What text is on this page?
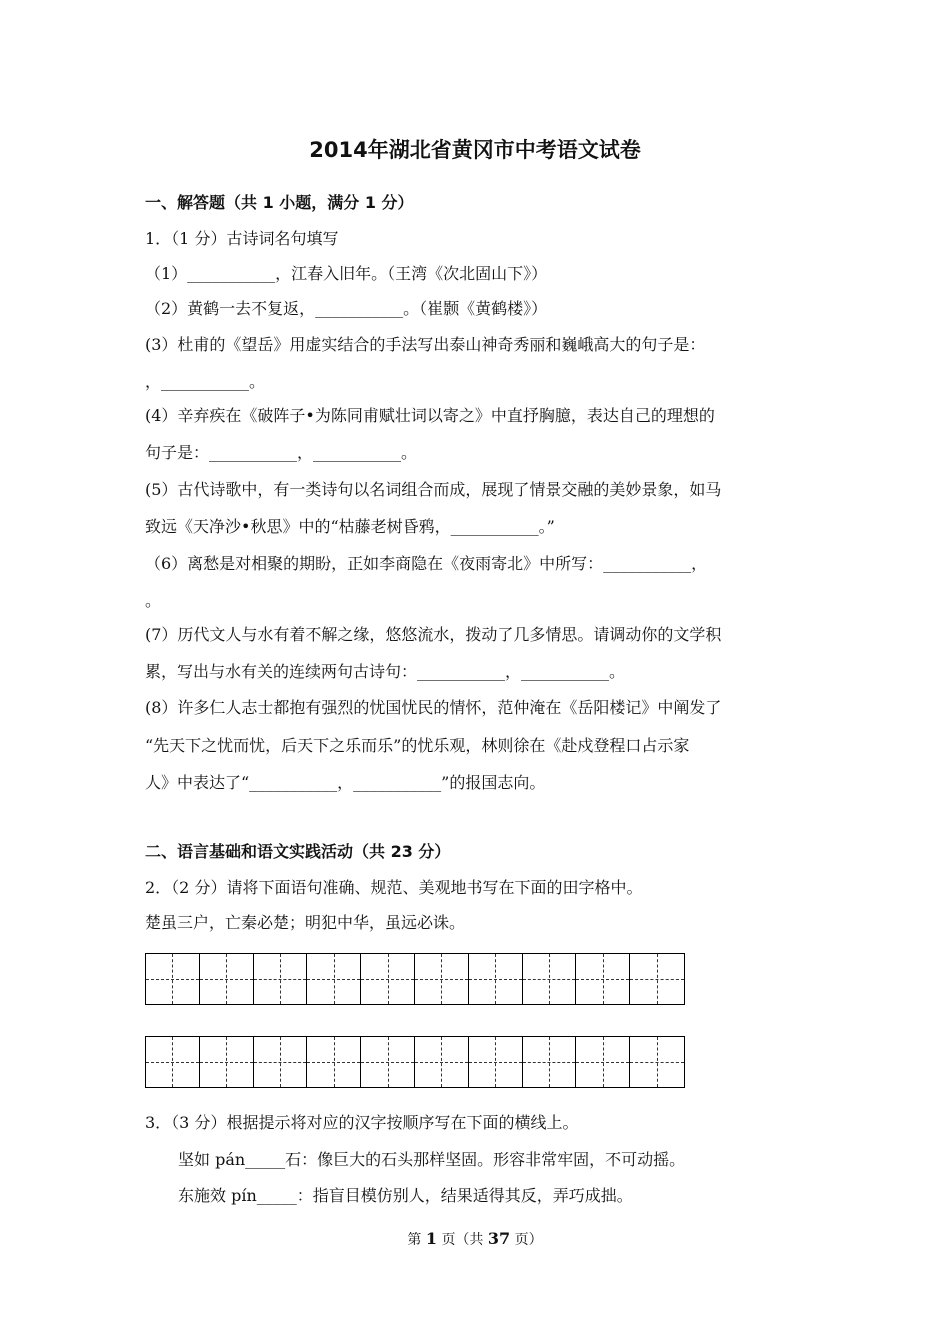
2014年湖北省黄冈市中考语文试卷
一、解答题（共 1 小题，满分 1 分）
1．（1 分）古诗词名句填写
（1）___________，江春入旧年。（王湾《次北固山下》）
（2）黄鹤一去不复返，___________。（崔颢《黄鹤楼》）
(3）杜甫的《望岳》用虚实结合的手法写出泰山神奇秀丽和巍峨高大的句子是：
，___________。
(4）辛弃疾在《破阵子•为陈同甫赋壮词以寄之》中直抒胸臆，表达自己的理想的
句子是：___________，___________。
(5）古代诗歌中，有一类诗句以名词组合而成，展现了情景交融的美妙景象，如马
致远《天净沙•秋思》中的“枯藤老树昏鸦，___________。”
（6）离愁是对相聚的期盼，正如李商隐在《夜雨寄北》中所写：___________，
。
(7）历代文人与水有着不解之缘，悠悠流水，拨动了几多情思。请调动你的文学积
累，写出与水有关的连续两句古诗句：___________，___________。
(8）许多仁人志士都抱有强烈的忧国忧民的情怀，范仲淹在《岳阳楼记》中阐发了
“先天下之忧而忧，后天下之乐而乐”的忧乐观，林则徐在《赴戍登程口占示家
人》中表达了“___________，___________”的报国志向。
二、语言基础和语文实践活动（共 23 分）
2．（2 分）请将下面语句准确、规范、美观地书写在下面的田字格中。
楚虽三户，亡秦必楚；明犯中华，虽远必诛。
3．（3 分）根据提示将对应的汉字按顺序写在下面的横线上。
坚如 pán_____石：像巨大的石头那样坚固。形容非常牢固，不可动摇。
东施效 pín_____：指盲目模仿别人，结果适得其反，弄巧成拙。
第 1 页（共 37 页）
